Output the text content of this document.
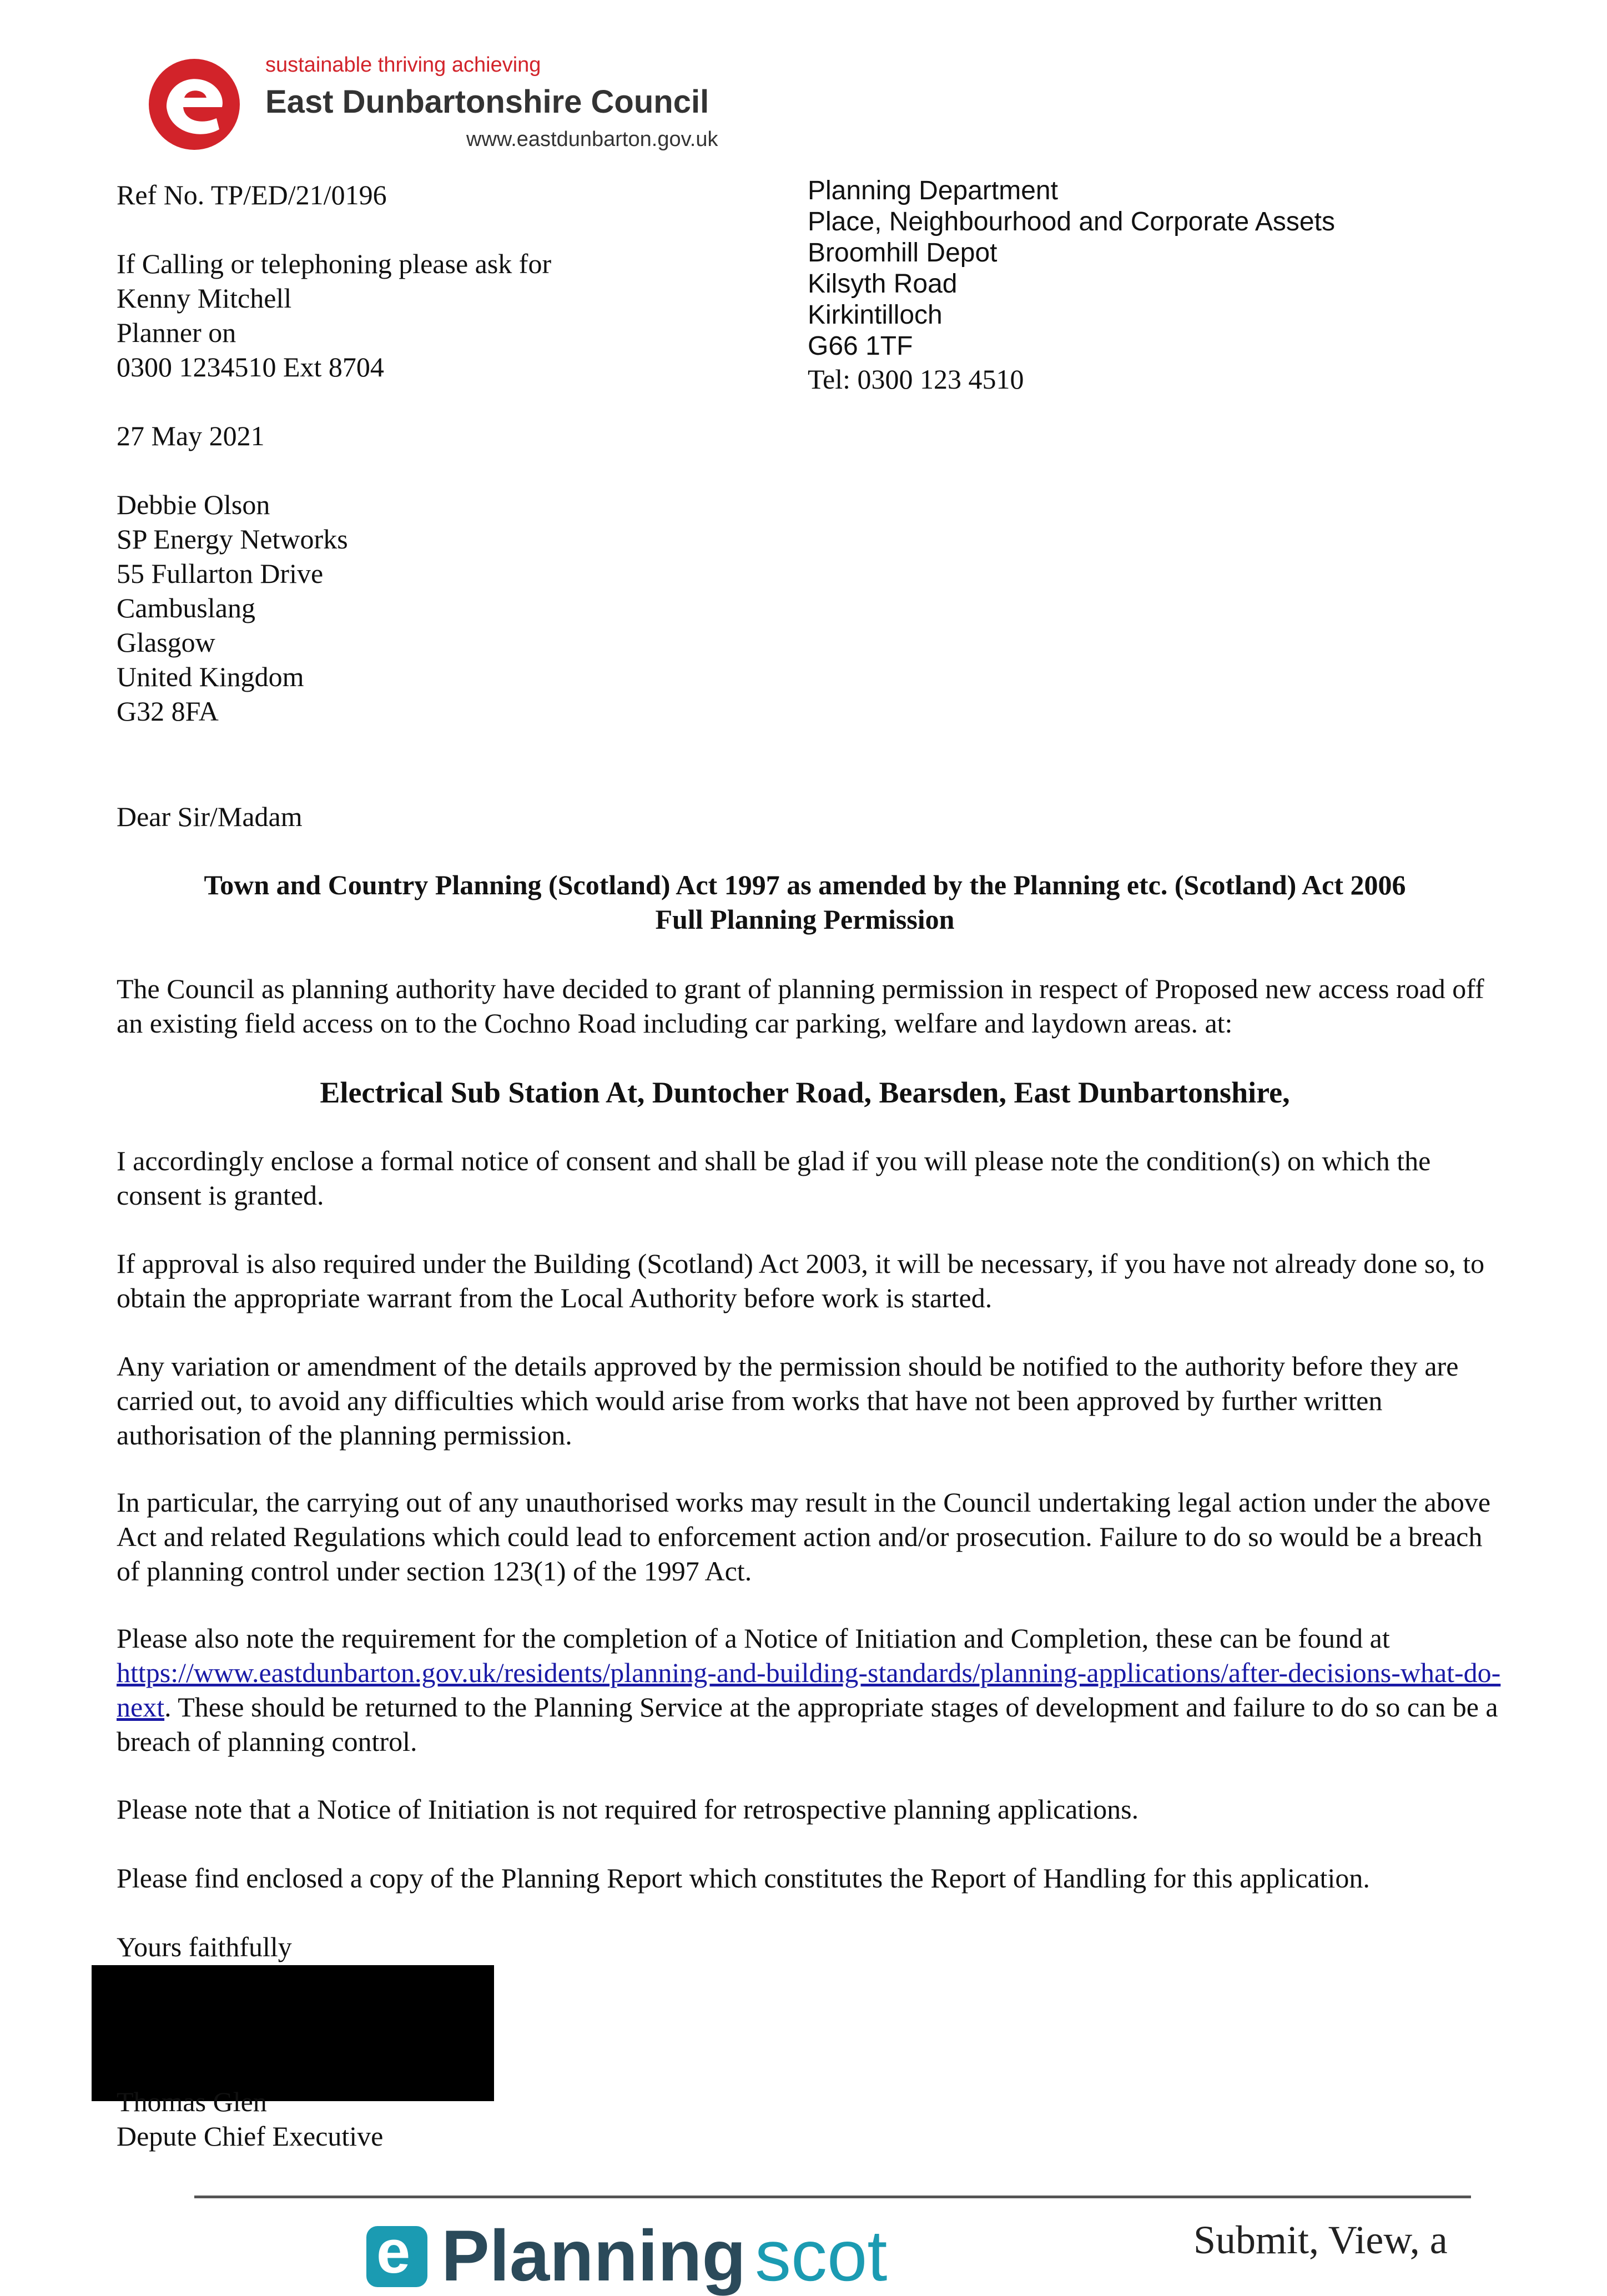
sustainable thriving achieving
East Dunbartonshire Council
www.eastdunbarton.gov.uk
Ref No. TP/ED/21/0196
If Calling or telephoning please ask for
Kenny Mitchell
Planner on
0300 1234510 Ext 8704
Planning Department
Place, Neighbourhood and Corporate Assets
Broomhill Depot
Kilsyth Road
Kirkintilloch
G66 1TF
Tel: 0300 123 4510
27 May 2021
Debbie Olson
SP Energy Networks
55 Fullarton Drive
Cambuslang
Glasgow
United Kingdom
G32 8FA
Dear Sir/Madam
Town and Country Planning (Scotland) Act 1997 as amended by the Planning etc. (Scotland) Act 2006
Full Planning Permission
The Council as planning authority have decided to grant of planning permission in respect of Proposed new access road off an existing field access on to the Cochno Road including car parking, welfare and laydown areas. at:
Electrical Sub Station At, Duntocher Road, Bearsden, East Dunbartonshire,
I accordingly enclose a formal notice of consent and shall be glad if you will please note the condition(s) on which the consent is granted.
If approval is also required under the Building (Scotland) Act 2003, it will be necessary, if you have not already done so, to obtain the appropriate warrant from the Local Authority before work is started.
Any variation or amendment of the details approved by the permission should be notified to the authority before they are carried out, to avoid any difficulties which would arise from works that have not been approved by further written authorisation of the planning permission.
In particular, the carrying out of any unauthorised works may result in the Council undertaking legal action under the above Act and related Regulations which could lead to enforcement action and/or prosecution. Failure to do so would be a breach of planning control under section 123(1) of the 1997 Act.
Please also note the requirement for the completion of a Notice of Initiation and Completion, these can be found at https://www.eastdunbarton.gov.uk/residents/planning-and-building-standards/planning-applications/after-decisions-what-do-next. These should be returned to the Planning Service at the appropriate stages of development and failure to do so can be a breach of planning control.
Please note that a Notice of Initiation is not required for retrospective planning applications.
Please find enclosed a copy of the Planning Report which constitutes the Report of Handling for this application.
Yours faithfully
Thomas Glen
Depute Chief Executive
e Planning scot	Submit, View, a
